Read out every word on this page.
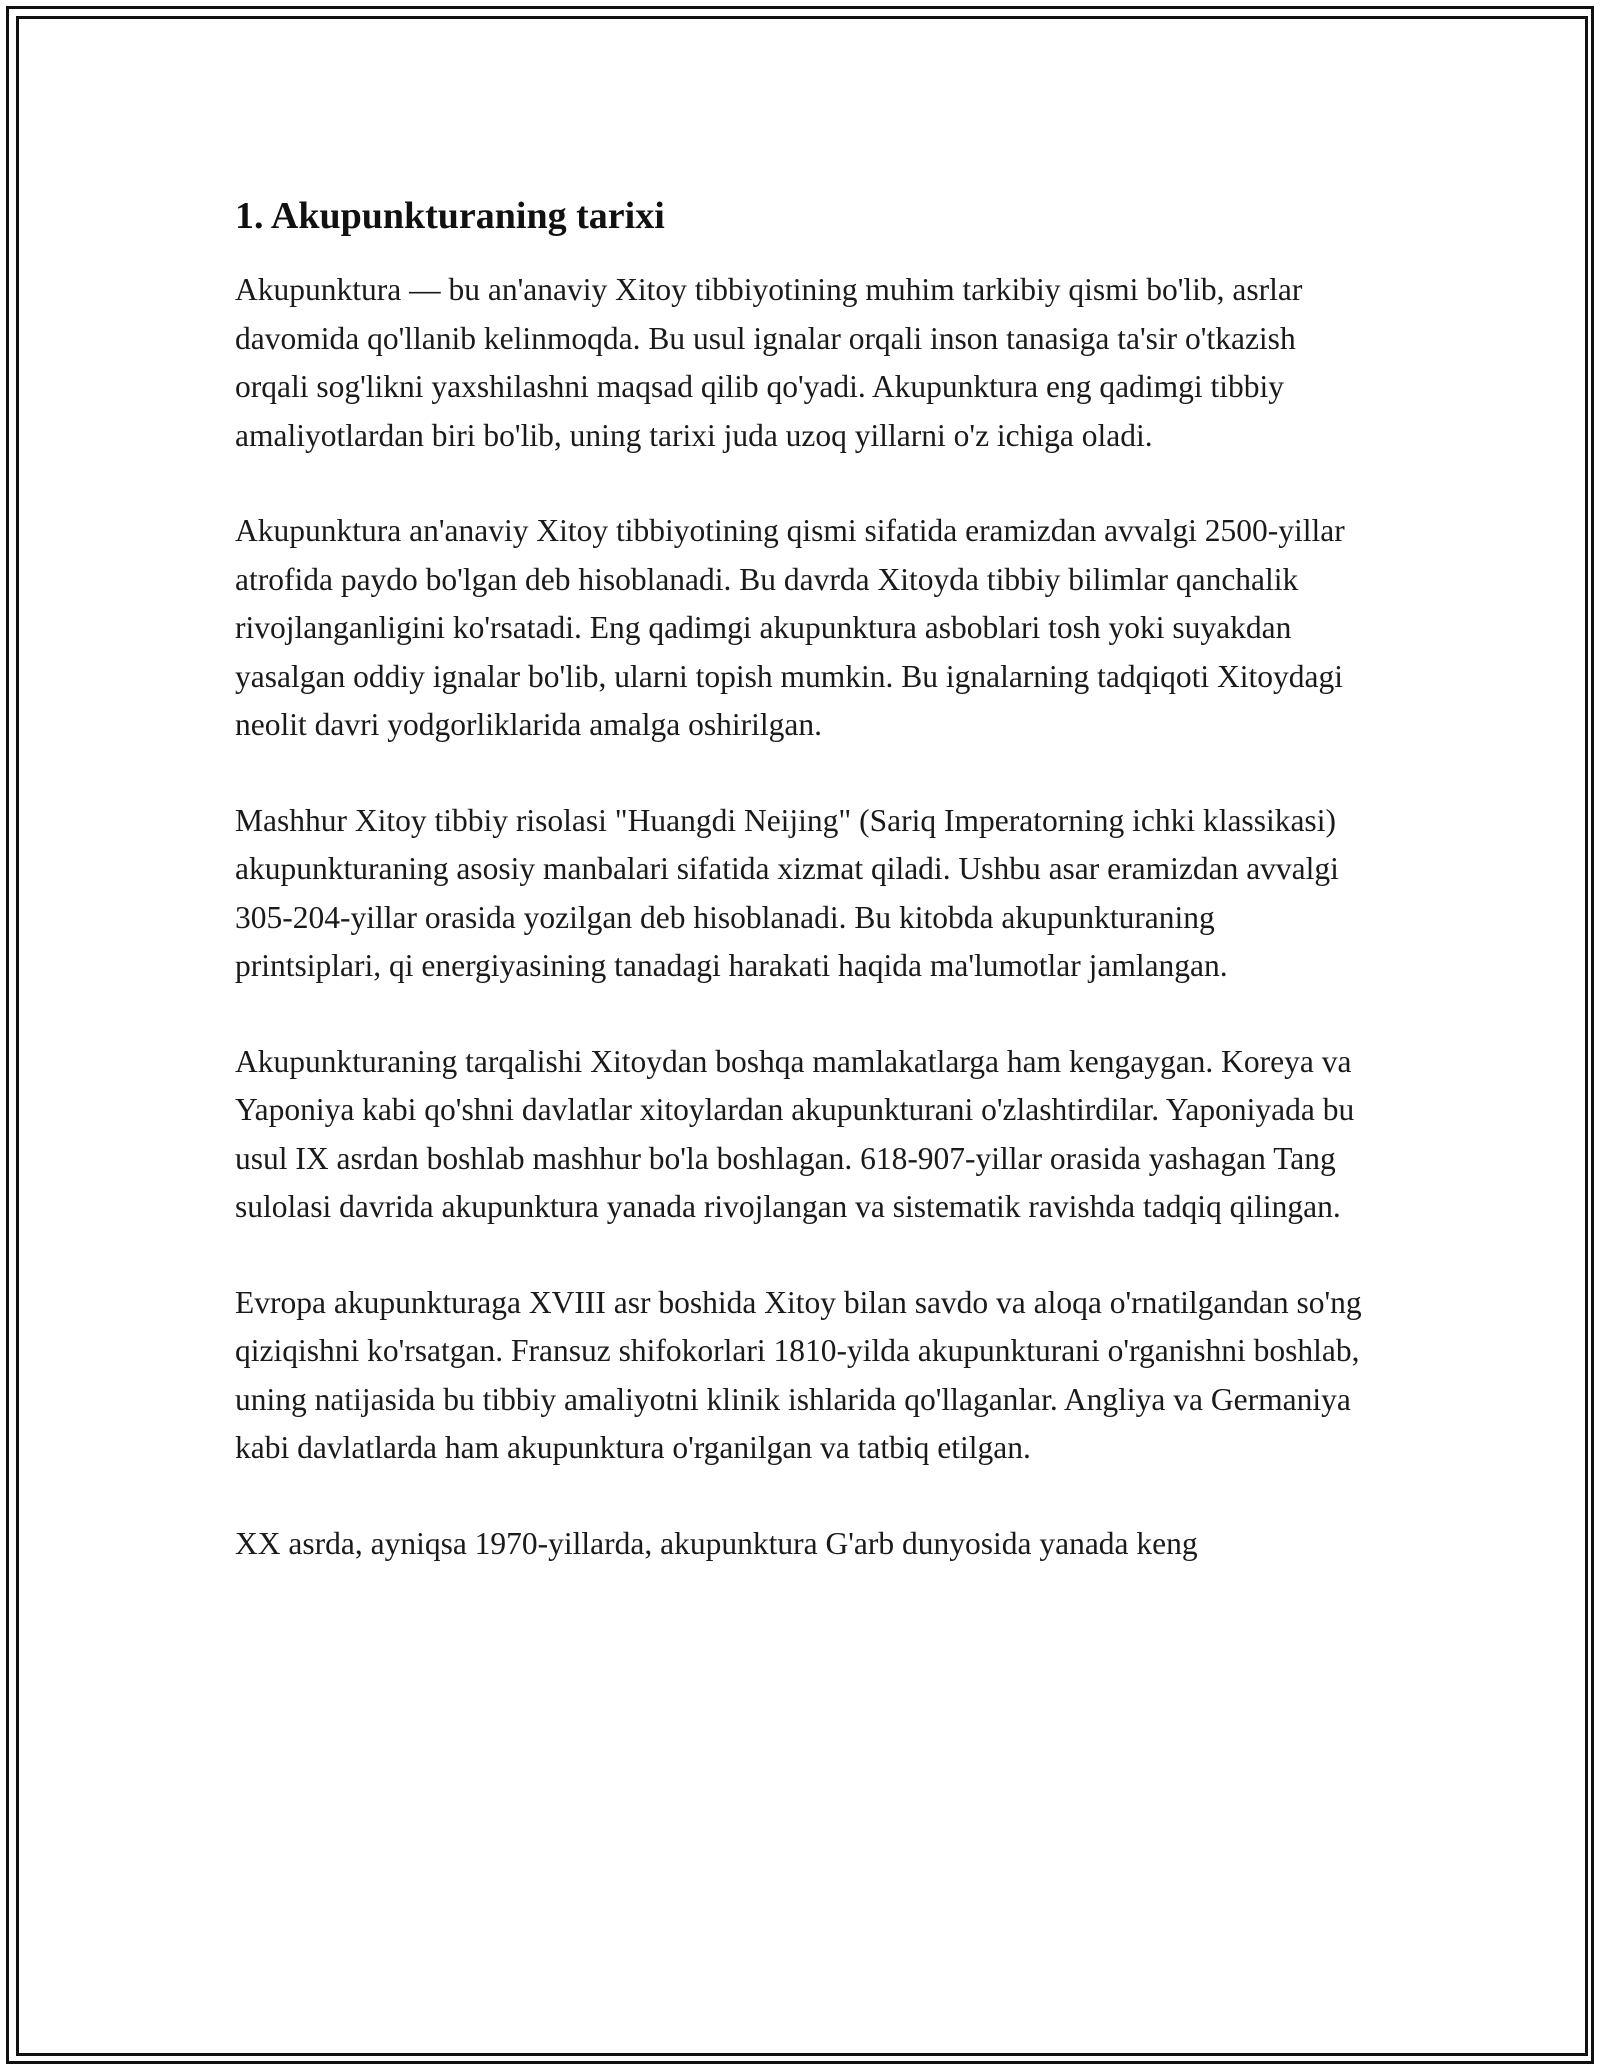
1. Akupunkturaning tarixi

Akupunktura — bu an'anaviy Xitoy tibbiyotining muhim tarkibiy qismi bo'lib, asrlar davomida qo'llanib kelinmoqda. Bu usul ignalar orqali inson tanasiga ta'sir o'tkazish orqali sog'likni yaxshilashni maqsad qilib qo'yadi. Akupunktura eng qadimgi tibbiy amaliyotlardan biri bo'lib, uning tarixi juda uzoq yillarni o'z ichiga oladi.

Akupunktura an'anaviy Xitoy tibbiyotining qismi sifatida eramizdan avvalgi 2500-yillar atrofida paydo bo'lgan deb hisoblanadi. Bu davrda Xitoyda tibbiy bilimlar qanchalik rivojlanganligini ko'rsatadi. Eng qadimgi akupunktura asboblari tosh yoki suyakdan yasalgan oddiy ignalar bo'lib, ularni topish mumkin. Bu ignalarning tadqiqoti Xitoydagi neolit davri yodgorliklarida amalga oshirilgan.

Mashhur Xitoy tibbiy risolasi "Huangdi Neijing" (Sariq Imperatorning ichki klassikasi) akupunkturaning asosiy manbalari sifatida xizmat qiladi. Ushbu asar eramizdan avvalgi 305-204-yillar orasida yozilgan deb hisoblanadi. Bu kitobda akupunkturaning printsiplari, qi energiyasining tanadagi harakati haqida ma'lumotlar jamlangan.

Akupunkturaning tarqalishi Xitoydan boshqa mamlakatlarga ham kengaygan. Koreya va Yaponiya kabi qo'shni davlatlar xitoylardan akupunkturani o'zlashtirdilar. Yaponiyada bu usul IX asrdan boshlab mashhur bo'la boshlagan. 618-907-yillar orasida yashagan Tang sulolasi davrida akupunktura yanada rivojlangan va sistematik ravishda tadqiq qilingan.

Evropa akupunkturaga XVIII asr boshida Xitoy bilan savdo va aloqa o'rnatilgandan so'ng qiziqishni ko'rsatgan. Fransuz shifokorlari 1810-yilda akupunkturani o'rganishni boshlab, uning natijasida bu tibbiy amaliyotni klinik ishlarida qo'llaganlar. Angliya va Germaniya kabi davlatlarda ham akupunktura o'rganilgan va tatbiq etilgan.

XX asrda, ayniqsa 1970-yillarda, akupunktura G'arb dunyosida yanada keng
